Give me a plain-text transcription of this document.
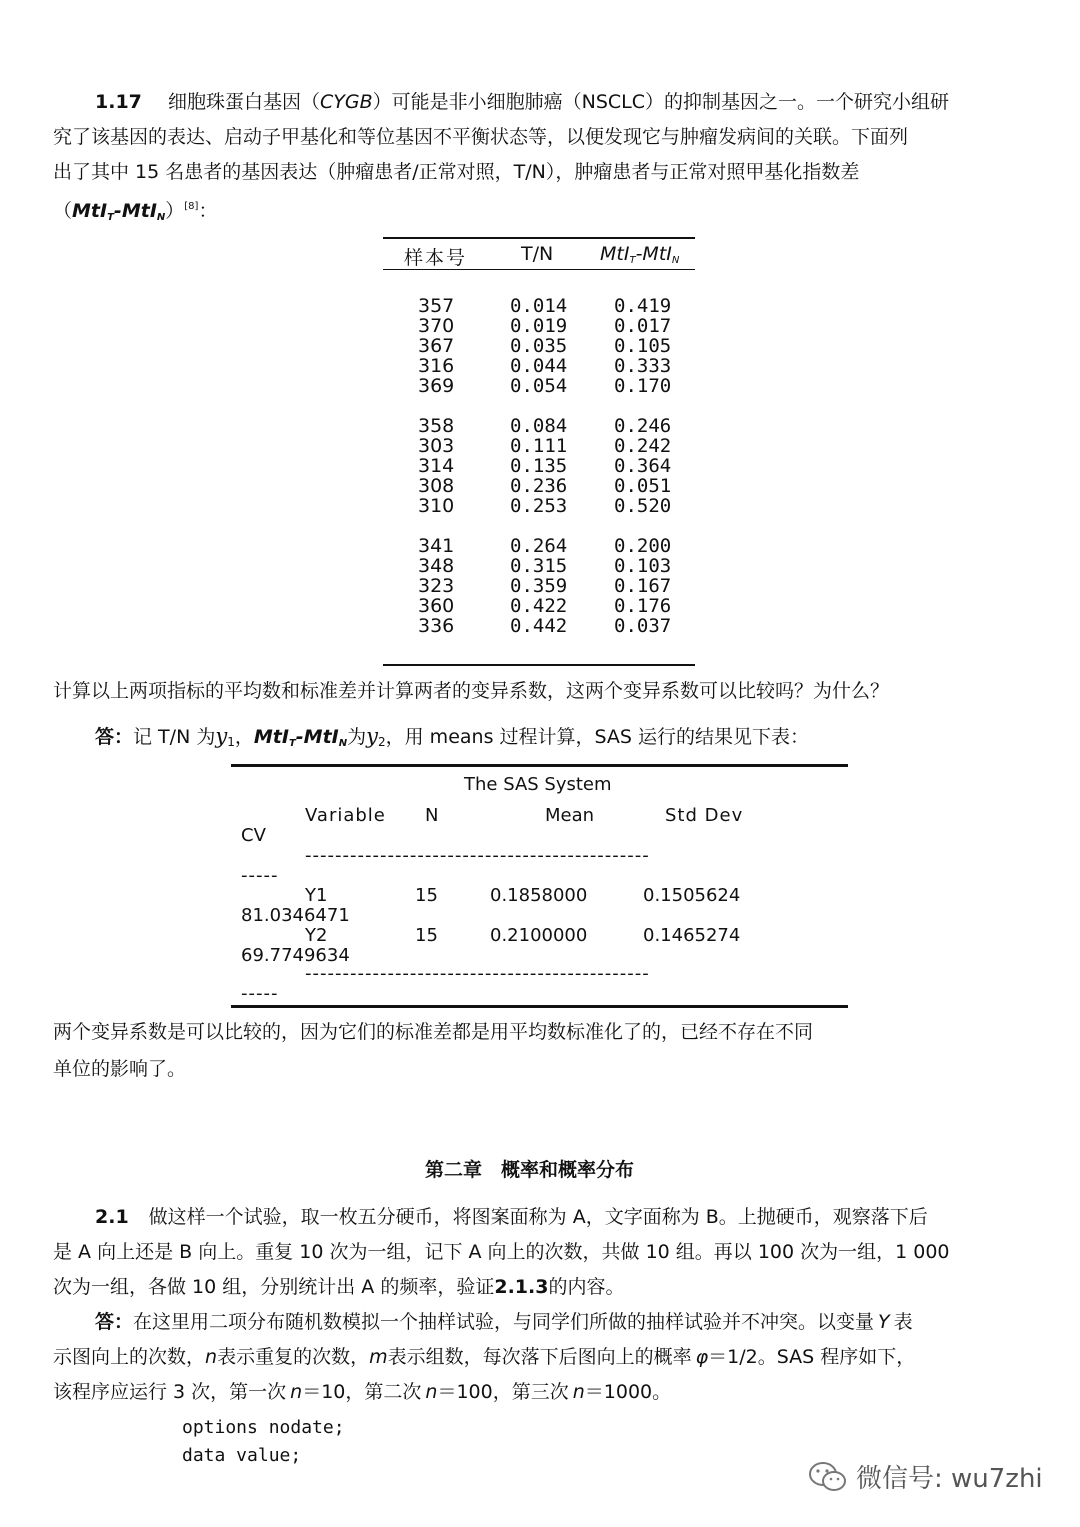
1.17 细胞珠蛋白基因（CYGB）可能是非小细胞肺癌（NSCLC）的抑制基因之一。一个研究小组研
究了该基因的表达、启动子甲基化和等位基因不平衡状态等，以便发现它与肿瘤发病间的关联。下面列
出了其中 15 名患者的基因表达（肿瘤患者/正常对照，T/N），肿瘤患者与正常对照甲基化指数差
（MtI$_T$-MtI$_N$）[8]：
样本号	T/N MtI$_T$-MtI$_N$
357	0.014 0.419
370	0.019 0.017
367	0.035 0.105
316	0.044 0.333
369	0.054 0.170
358	0.084 0.246
303	0.111 0.242
314	0.135 0.364
308	0.236 0.051
310	0.253 0.520
341	0.264 0.200
348	0.315 0.103
323	0.359 0.167
360	0.422 0.176
336	0.442 0.037
计算以上两项指标的平均数和标准差并计算两者的变异系数，这两个变异系数可以比较吗？为什么？
答：记 T/N 为y1，MtI$_T$-MtI$_N$为y2，用 means 过程计算，SAS 运行的结果见下表：
The SAS System
Variable N	Mean	Std Dev
CV
----------------------------------------------
-----
Y1	15	0.1858000	0.1505624
81.0346471
Y2	15	0.2100000	0.1465274
69.7749634
----------------------------------------------
-----
两个变异系数是可以比较的，因为它们的标准差都是用平均数标准化了的，已经不存在不同
单位的影响了。
第二章　概率和概率分布
2.1 做这样一个试验，取一枚五分硬币，将图案面称为 A，文字面称为 B。上抛硬币，观察落下后
是 A 向上还是 B 向上。重复 10 次为一组，记下 A 向上的次数，共做 10 组。再以 100 次为一组，1 000
次为一组，各做 10 组，分别统计出 A 的频率，验证2.1.3的内容。
答：在这里用二项分布随机数模拟一个抽样试验，与同学们所做的抽样试验并不冲突。以变量 Y 表
示图向上的次数，n表示重复的次数，m表示组数，每次落下后图向上的概率 φ＝1/2。SAS 程序如下，
该程序应运行 3 次，第一次 n＝10，第二次 n＝100，第三次 n＝1000。
options nodate;
data value;
微信号: wu7zhi
